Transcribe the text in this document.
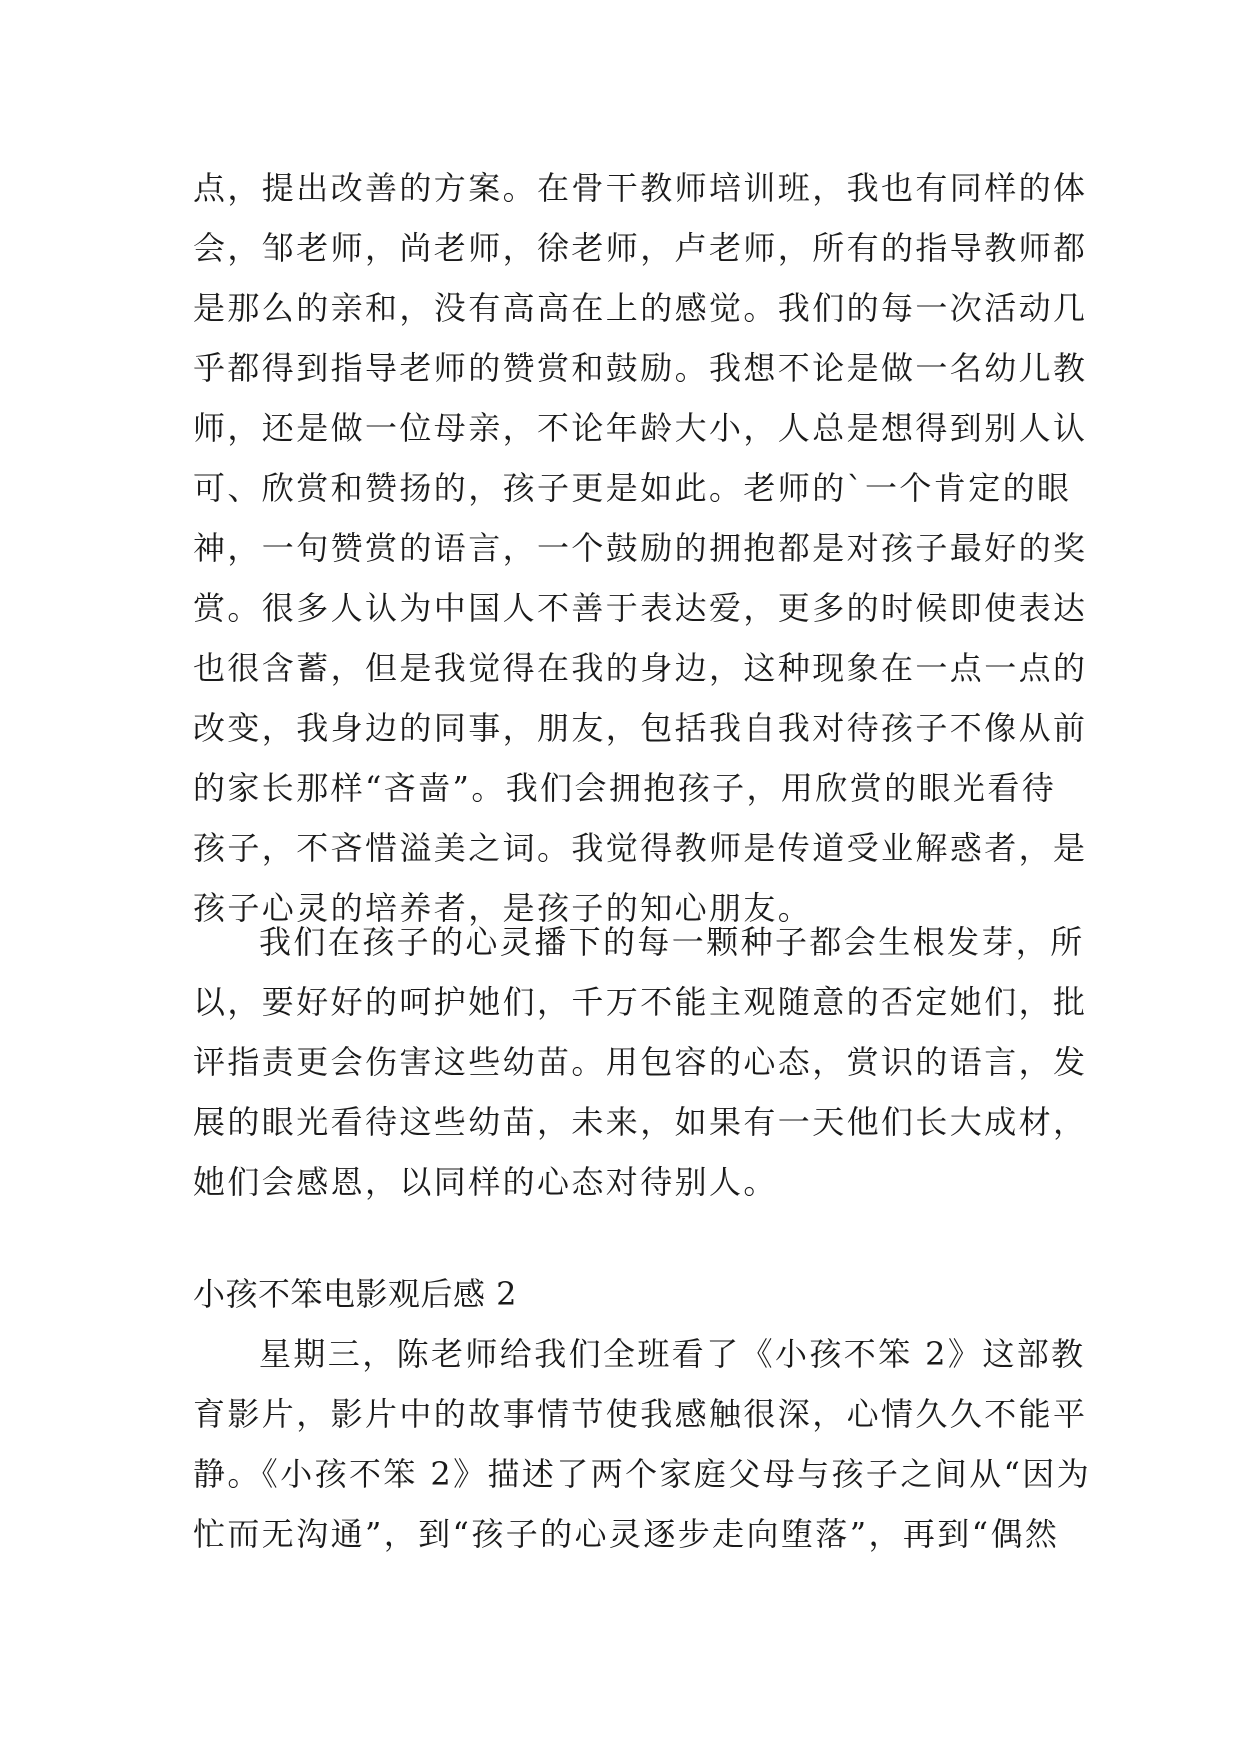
点，提出改善的方案。在骨干教师培训班，我也有同样的体
会，邹老师，尚老师，徐老师，卢老师，所有的指导教师都
是那么的亲和，没有高高在上的感觉。我们的每一次活动几
乎都得到指导老师的赞赏和鼓励。我想不论是做一名幼儿教
师，还是做一位母亲，不论年龄大小，人总是想得到别人认
可、欣赏和赞扬的，孩子更是如此。老师的`一个肯定的眼
神，一句赞赏的语言，一个鼓励的拥抱都是对孩子最好的奖
赏。很多人认为中国人不善于表达爱，更多的时候即使表达
也很含蓄，但是我觉得在我的身边，这种现象在一点一点的
改变，我身边的同事，朋友，包括我自我对待孩子不像从前
的家长那样“吝啬”。我们会拥抱孩子，用欣赏的眼光看待
孩子，不吝惜溢美之词。我觉得教师是传道受业解惑者，是
孩子心灵的培养者，是孩子的知心朋友。
我们在孩子的心灵播下的每一颗种子都会生根发芽，所
以，要好好的呵护她们，千万不能主观随意的否定她们，批
评指责更会伤害这些幼苗。用包容的心态，赏识的语言，发
展的眼光看待这些幼苗，未来，如果有一天他们长大成材，
她们会感恩，以同样的心态对待别人。
小孩不笨电影观后感 2
星期三，陈老师给我们全班看了《小孩不笨 2》这部教
育影片，影片中的故事情节使我感触很深，心情久久不能平
静。《小孩不笨 2》描述了两个家庭父母与孩子之间从“因为
忙而无沟通”，到“孩子的心灵逐步走向堕落”，再到“偶然
